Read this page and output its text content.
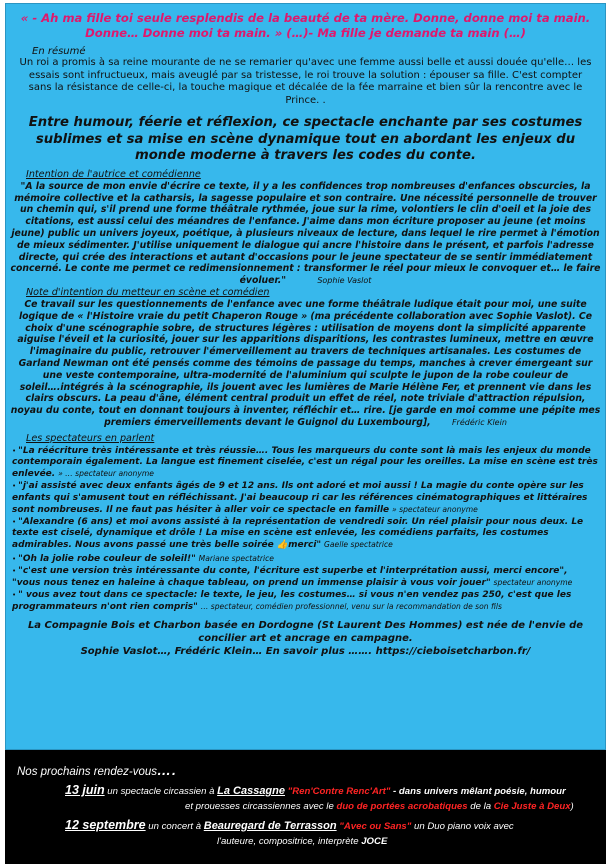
« - Ah ma fille toi seule resplendis de la beauté de ta mère. Donne, donne moi ta main. Donne… Donne moi ta main. » (…)- Ma fille je demande ta main (…)
En résumé
Un roi a promis à sa reine mourante de ne se remarier qu'avec une femme aussi belle et aussi douée qu'elle… les essais sont infructueux, mais aveuglé par sa tristesse, le roi trouve la solution : épouser sa fille. C'est compter sans la résistance de celle-ci, la touche magique et décalée de la fée marraine et bien sûr la rencontre avec le Prince. .
Entre humour, féerie et réflexion, ce spectacle enchante par ses costumes sublimes et sa mise en scène dynamique tout en abordant les enjeux du monde moderne à travers les codes du conte.
Intention de l'autrice et comédienne
"A la source de mon envie d'écrire ce texte, il y a les confidences trop nombreuses d'enfances obscurcies, la mémoire collective et la catharsis, la sagesse populaire et son contraire. Une nécessité personnelle de trouver un chemin qui, s'il prend une forme théâtrale rythmée, joue sur la rime, volontiers le clin d'oeil et la joie des citations, est aussi celui des méandres de l'enfance. J'aime dans mon écriture proposer au jeune (et moins jeune) public un univers joyeux, poétique, à plusieurs niveaux de lecture, dans lequel le rire permet à l'émotion de mieux sédimenter. J'utilise uniquement le dialogue qui ancre l'histoire dans le présent, et parfois l'adresse directe, qui crée des interactions et autant d'occasions pour le jeune spectateur de se sentir immédiatement concerné. Le conte me permet ce redimensionnement : transformer le réel pour mieux le convoquer et… le faire évoluer."	Sophie Vaslot
Note d'intention du metteur en scène et comédien
Ce travail sur les questionnements de l'enfance avec une forme théâtrale ludique était pour moi, une suite logique de « l'Histoire vraie du petit Chaperon Rouge » (ma précédente collaboration avec Sophie Vaslot). Ce choix d'une scénographie sobre, de structures légères : utilisation de moyens dont la simplicité apparente aiguise l'éveil et la curiosité, jouer sur les apparitions disparitions, les contrastes lumineux, mettre en œuvre l'imaginaire du public, retrouver l'émerveillement au travers de techniques artisanales. Les costumes de Garland Newman ont été pensés comme des témoins de passage du temps, manches à crever émergeant sur une veste contemporaine, ultra-modernité de l'aluminium qui sculpte le jupon de la robe couleur de soleil….intégrés à la scénographie, ils jouent avec les lumières de Marie Hélène Fer, et prennent vie dans les clairs obscurs. La peau d'âne, élément central produit un effet de réel, note triviale d'attraction répulsion, noyau du conte, tout en donnant toujours à inventer, réfléchir et… rire. [je garde en moi comme une pépite mes premiers émerveillements devant le Guignol du Luxembourg],	Frédéric Klein
Les spectateurs en parlent
• "La réécriture très intéressante et très réussie…. Tous les marqueurs du conte sont là mais les enjeux du monde contemporain également. La langue est finement ciselée, c'est un régal pour les oreilles. La mise en scène est très enlevée. » … spectateur anonyme
• "j'ai assisté avec deux enfants âgés de 9 et 12 ans. Ils ont adoré et moi aussi ! La magie du conte opère sur les enfants qui s'amusent tout en réfléchissant. J'ai beaucoup ri car les références cinématographiques et littéraires sont nombreuses. Il ne faut pas hésiter à aller voir ce spectacle en famille » spectateur anonyme
• "Alexandre (6 ans) et moi avons assisté à la représentation de vendredi soir. Un réel plaisir pour nous deux. Le texte est ciselé, dynamique et drôle ! La mise en scène est enlevée, les comédiens parfaits, les costumes admirables. Nous avons passé une très belle soirée 👍merci" Gaelle spectatrice
• "Oh la jolie robe couleur de soleil!" Mariane spectatrice
• "c'est une version très intéressante du conte, l'écriture est superbe et l'interprétation aussi, merci encore", "vous nous tenez en haleine à chaque tableau, on prend un immense plaisir à vous voir jouer" spectateur anonyme
• " vous avez tout dans ce spectacle: le texte, le jeu, les costumes… si vous n'en vendez pas 250, c'est que les programmateurs n'ont rien compris" … spectateur, comédien professionnel, venu sur la recommandation de son fils
La Compagnie Bois et Charbon basée en Dordogne (St Laurent Des Hommes) est née de l'envie de concilier art et ancrage en campagne.
Sophie Vaslot…, Frédéric Klein… En savoir plus ……. https://cieboisetcharbon.fr/
Nos prochains rendez-vous….
13 juin un spectacle circassien à La Cassagne "Ren'Contre Renc'Art" - dans univers mêlant poésie, humour
et prouesses circassiennes avec le duo de portées acrobatiques de la Cie Juste à Deux)
12 septembre un concert à Beauregard de Terrasson "Avec ou Sans" un Duo piano voix avec
l'auteure, compositrice, interprète JOCE
